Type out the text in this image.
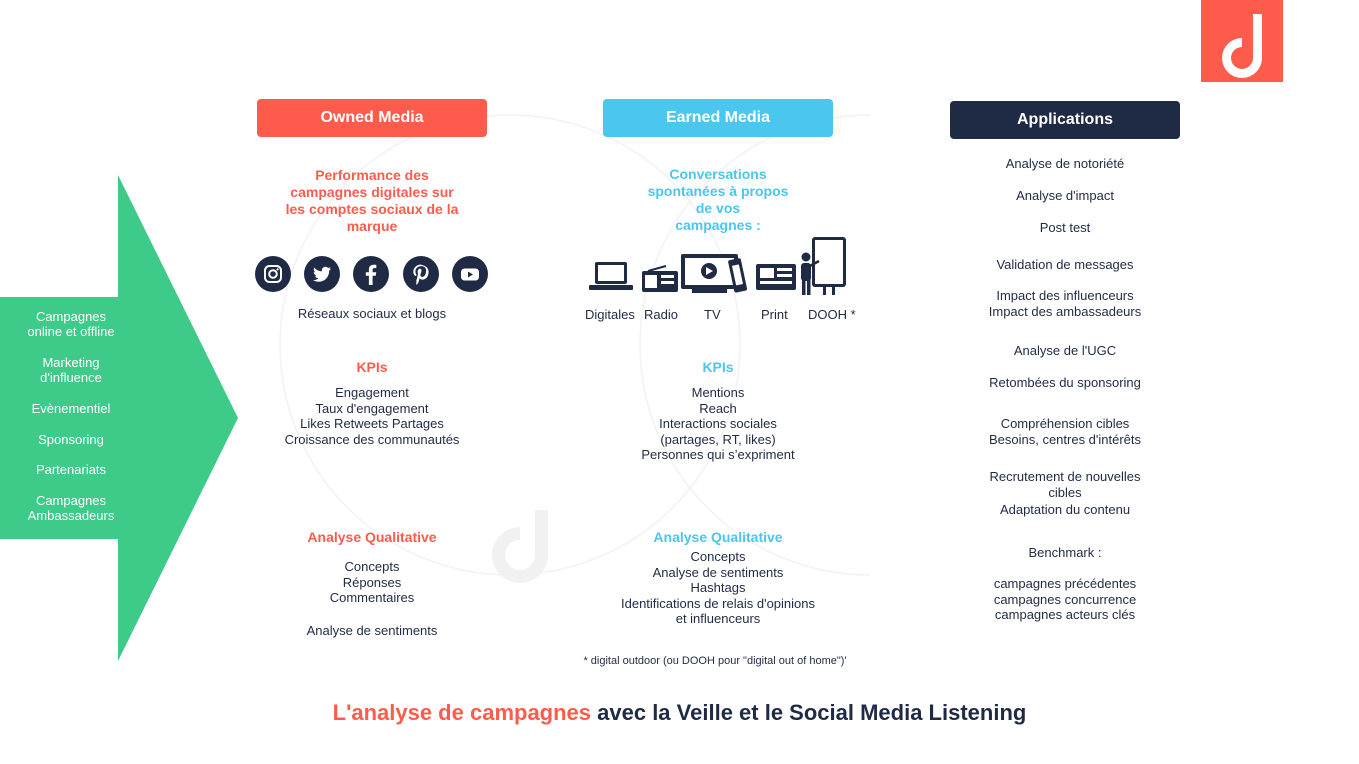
Campagnes
online et offline
Marketing
d'influence
Evènementiel
Sponsoring
Partenariats
Campagnes
Ambassadeurs
Owned Media
Performance des
campagnes digitales sur
les comptes sociaux de la
marque
Réseaux sociaux et blogs
KPIs
Engagement
Taux d'engagement
Likes Retweets Partages
Croissance des communautés
Analyse Qualitative
Concepts
Réponses
Commentaires
Analyse de sentiments
Earned Media
Conversations
spontanées à propos
de vos
campagnes :
Digitales Radio TV	Print DOOH *
KPIs
Mentions
Reach
Interactions sociales
(partages, RT, likes)
Personnes qui s’expriment
Analyse Qualitative
Concepts
Analyse de sentiments
Hashtags
Identifications de relais d'opinions
et influenceurs
Applications
Analyse de notoriété
Analyse d'impact
Post test
Validation de messages
Impact des influenceurs
Impact des ambassadeurs
Analyse de l'UGC
Retombées du sponsoring
Compréhension cibles
Besoins, centres d'intérêts
Recrutement de nouvelles
cibles
Adaptation du contenu
Benchmark :
campagnes précédentes
campagnes concurrence
campagnes acteurs clés
* digital outdoor (ou DOOH pour "digital out of home")'
L'analyse de campagnes avec la Veille et le Social Media Listening
